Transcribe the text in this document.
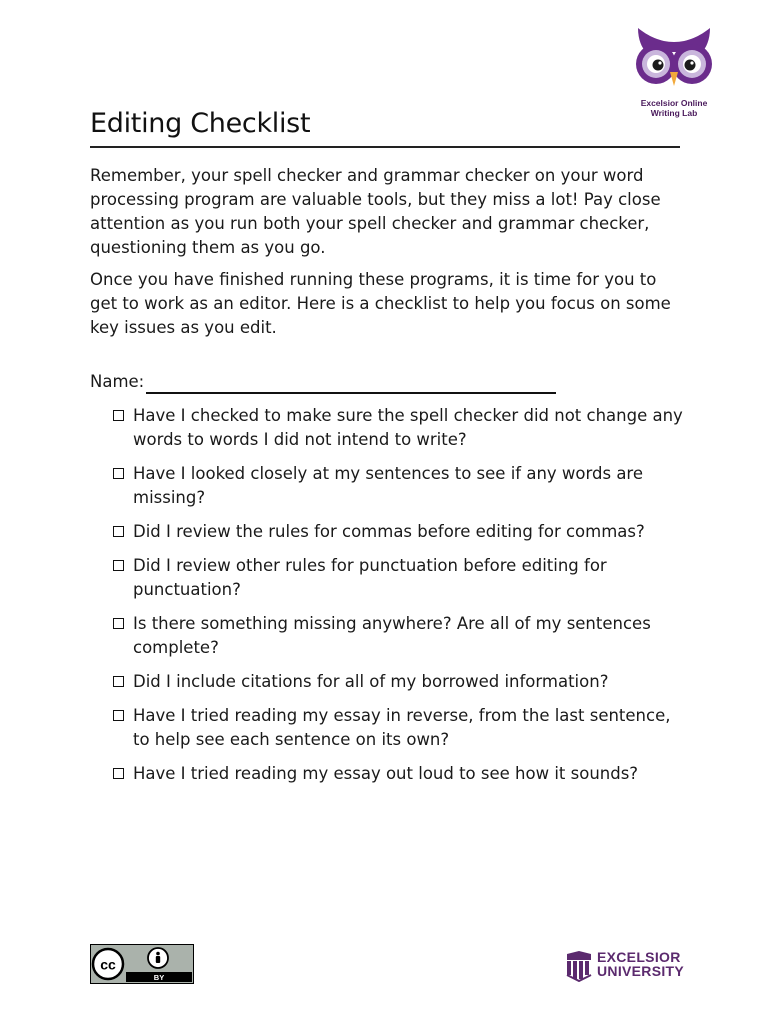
Excelsior Online
Writing Lab
Editing Checklist

Remember, your spell checker and grammar checker on your word processing program are valuable tools, but they miss a lot! Pay close attention as you run both your spell checker and grammar checker, questioning them as you go.

Once you have finished running these programs, it is time for you to get to work as an editor. Here is a checklist to help you focus on some key issues as you edit.

Name:
Have I checked to make sure the spell checker did not change any words to words I did not intend to write?
Have I looked closely at my sentences to see if any words are missing?
Did I review the rules for commas before editing for commas?
Did I review other rules for punctuation before editing for punctuation?
Is there something missing anywhere? Are all of my sentences complete?
Did I include citations for all of my borrowed information?
Have I tried reading my essay in reverse, from the last sentence, to help see each sentence on its own?
Have I tried reading my essay out loud to see how it sounds?
cc
BY
EXCELSIOR
UNIVERSITY
